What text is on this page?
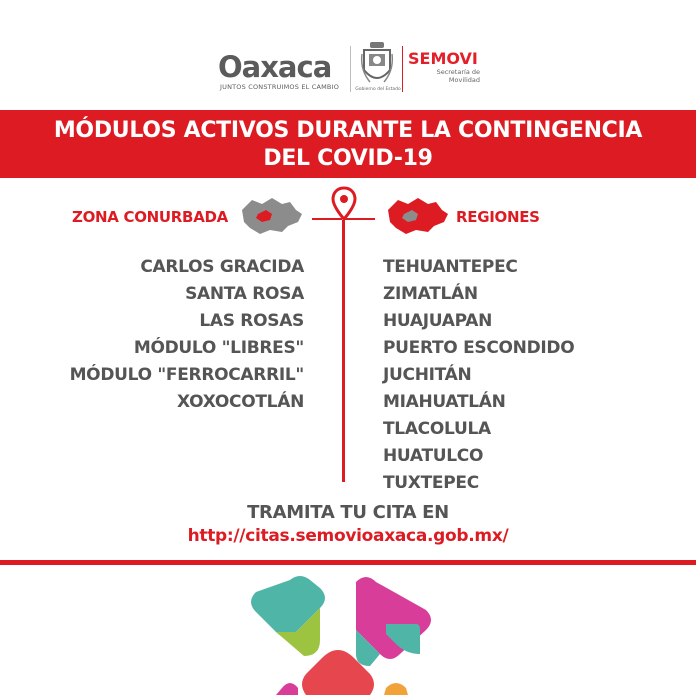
Oaxaca
JUNTOS CONSTRUIMOS EL CAMBIO	Gobierno del Estado
SEMOVI
Secretaría de
Movilidad
MÓDULOS ACTIVOS DURANTE LA CONTINGENCIA
DEL COVID-19
ZONA CONURBADA	REGIONES
CARLOS GRACIDA
SANTA ROSA
LAS ROSAS
MÓDULO "LIBRES"
MÓDULO "FERROCARRIL"
XOXOCOTLÁN
TEHUANTEPEC
ZIMATLÁN
HUAJUAPAN
PUERTO ESCONDIDO
JUCHITÁN
MIAHUATLÁN
TLACOLULA
HUATULCO
TUXTEPEC
TRAMITA TU CITA EN
http://citas.semovioaxaca.gob.mx/
